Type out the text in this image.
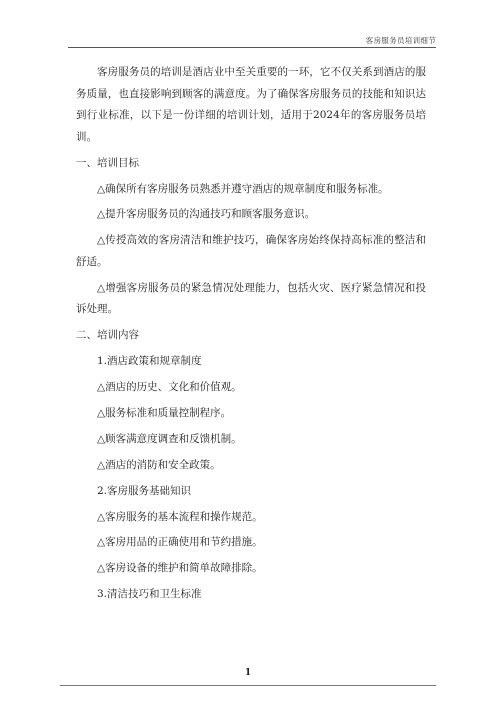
客房服务员培训细节

客房服务员的培训是酒店业中至关重要的一环，它不仅关系到酒店的服务质量，也直接影响到顾客的满意度。为了确保客房服务员的技能和知识达到行业标准，以下是一份详细的培训计划，适用于2024年的客房服务员培训。

一、培训目标

△确保所有客房服务员熟悉并遵守酒店的规章制度和服务标准。

△提升客房服务员的沟通技巧和顾客服务意识。

△传授高效的客房清洁和维护技巧，确保客房始终保持高标准的整洁和舒适。

△增强客房服务员的紧急情况处理能力，包括火灾、医疗紧急情况和投诉处理。

二、培训内容

1.酒店政策和规章制度

△酒店的历史、文化和价值观。

△服务标准和质量控制程序。

△顾客满意度调查和反馈机制。

△酒店的消防和安全政策。

2.客房服务基础知识

△客房服务的基本流程和操作规范。

△客房用品的正确使用和节约措施。

△客房设备的维护和简单故障排除。

3.清洁技巧和卫生标准

1
